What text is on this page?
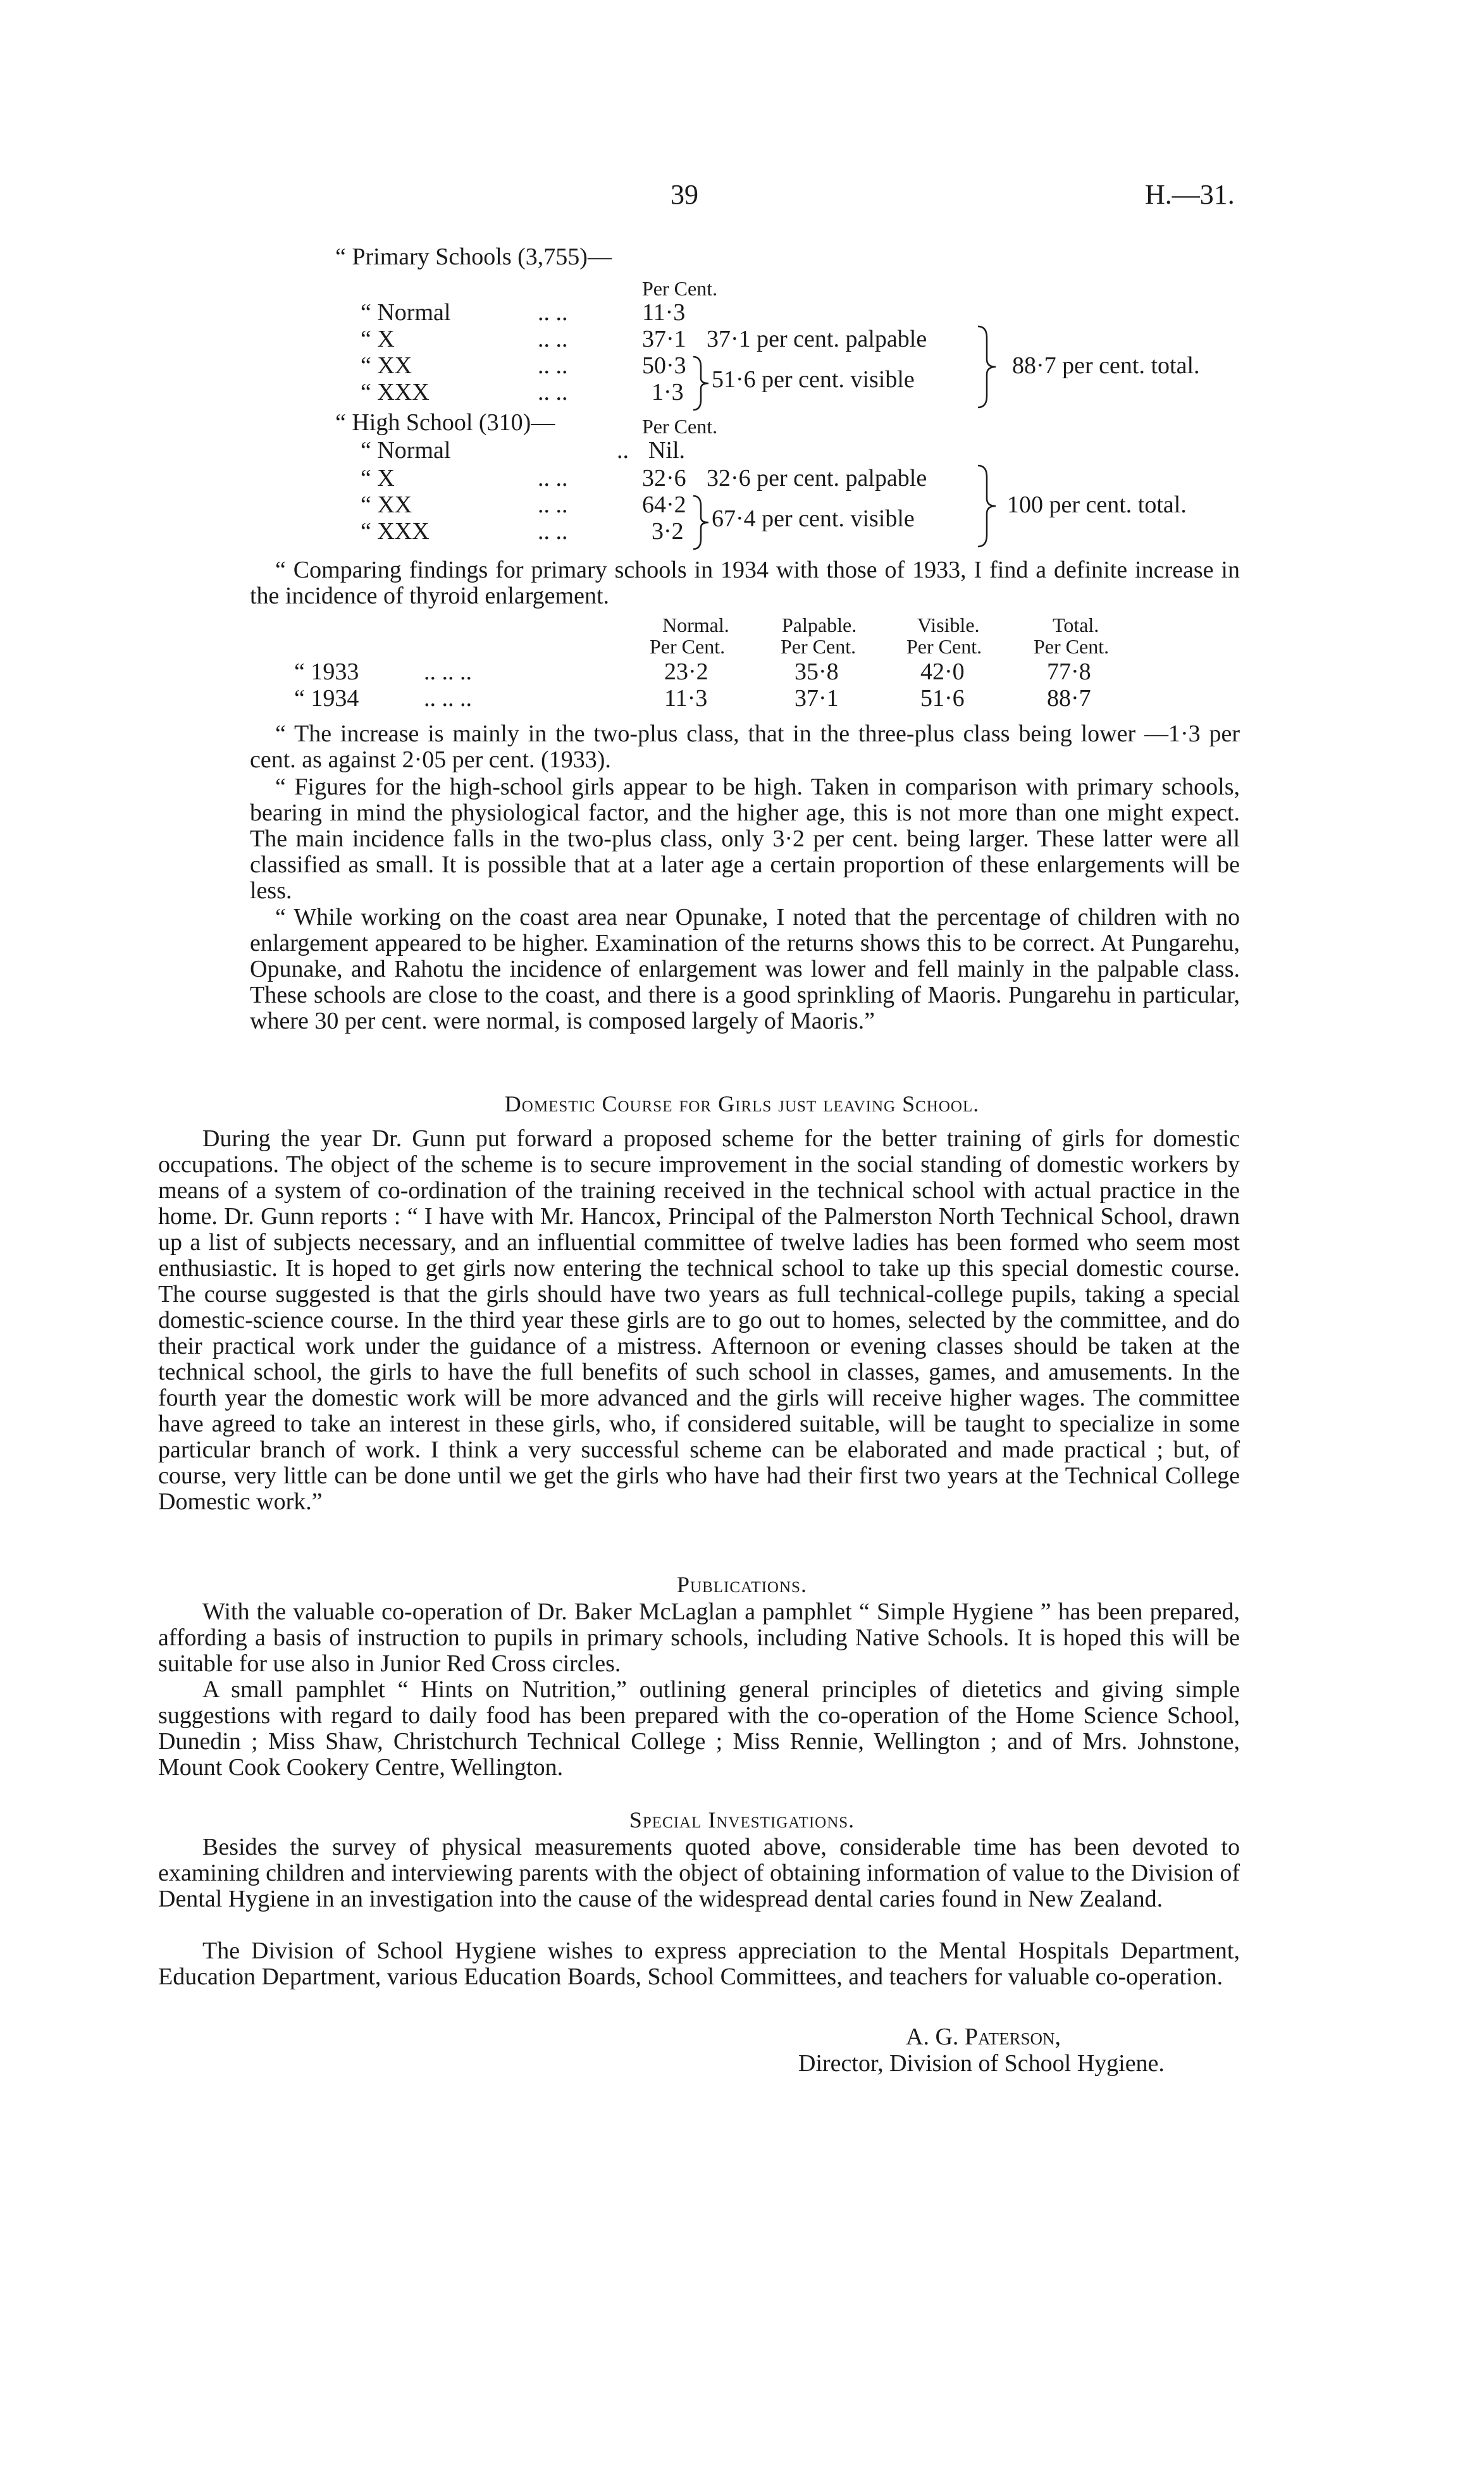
39	H.—31.
“ Primary Schools (3,755)—
Per Cent.
“ Normal	.. ..	11·3
“ X	.. ..	37·1
“ XX	.. ..	50·3
“ XXX	.. ..	1·3
37·1 per cent. palpable
51·6 per cent. visible
88·7 per cent. total.
“ High School (310)—	Per Cent.
“ Normal	.. Nil.
“ X	.. ..	32·6
“ XX	.. ..	64·2
“ XXX	.. ..	3·2
32·6 per cent. palpable
67·4 per cent. visible
100 per cent. total.

“ Comparing findings for primary schools in 1934 with those of 1933, I find a definite increase in the incidence of thyroid enlargement.

Normal.	Palpable.	Visible.	Total.
Per Cent.	Per Cent. Per Cent.	Per Cent.
“ 1933	.. .. ..	23·2	35·8	42·0	77·8
“ 1934	.. .. ..	11·3	37·1	51·6	88·7

“ The increase is mainly in the two-plus class, that in the three-plus class being lower —1·3 per cent. as against 2·05 per cent. (1933).

“ Figures for the high-school girls appear to be high. Taken in comparison with primary schools, bearing in mind the physiological factor, and the higher age, this is not more than one might expect. The main incidence falls in the two-plus class, only 3·2 per cent. being larger. These latter were all classified as small. It is possible that at a later age a certain proportion of these enlargements will be less.

“ While working on the coast area near Opunake, I noted that the percentage of children with no enlargement appeared to be higher. Examination of the returns shows this to be correct. At Pungarehu, Opunake, and Rahotu the incidence of enlargement was lower and fell mainly in the palpable class. These schools are close to the coast, and there is a good sprinkling of Maoris. Pungarehu in particular, where 30 per cent. were normal, is composed largely of Maoris.”

Domestic Course for Girls just leaving School.

During the year Dr. Gunn put forward a proposed scheme for the better training of girls for domestic occupations. The object of the scheme is to secure improvement in the social standing of domestic workers by means of a system of co-ordination of the training received in the technical school with actual practice in the home. Dr. Gunn reports : “ I have with Mr. Hancox, Principal of the Palmerston North Technical School, drawn up a list of subjects necessary, and an influential committee of twelve ladies has been formed who seem most enthusiastic. It is hoped to get girls now entering the technical school to take up this special domestic course. The course suggested is that the girls should have two years as full technical-college pupils, taking a special domestic-science course. In the third year these girls are to go out to homes, selected by the committee, and do their practical work under the guidance of a mistress. Afternoon or evening classes should be taken at the technical school, the girls to have the full benefits of such school in classes, games, and amusements. In the fourth year the domestic work will be more advanced and the girls will receive higher wages. The committee have agreed to take an interest in these girls, who, if considered suitable, will be taught to specialize in some particular branch of work. I think a very successful scheme can be elaborated and made practical ; but, of course, very little can be done until we get the girls who have had their first two years at the Technical College Domestic work.”

Publications.

With the valuable co-operation of Dr. Baker McLaglan a pamphlet “ Simple Hygiene ” has been prepared, affording a basis of instruction to pupils in primary schools, including Native Schools. It is hoped this will be suitable for use also in Junior Red Cross circles.

A small pamphlet “ Hints on Nutrition,” outlining general principles of dietetics and giving simple suggestions with regard to daily food has been prepared with the co-operation of the Home Science School, Dunedin ; Miss Shaw, Christchurch Technical College ; Miss Rennie, Wellington ; and of Mrs. Johnstone, Mount Cook Cookery Centre, Wellington.

Special Investigations.

Besides the survey of physical measurements quoted above, considerable time has been devoted to examining children and interviewing parents with the object of obtaining information of value to the Division of Dental Hygiene in an investigation into the cause of the widespread dental caries found in New Zealand.

The Division of School Hygiene wishes to express appreciation to the Mental Hospitals Department, Education Department, various Education Boards, School Committees, and teachers for valuable co-operation.

A. G. Paterson,
Director, Division of School Hygiene.
